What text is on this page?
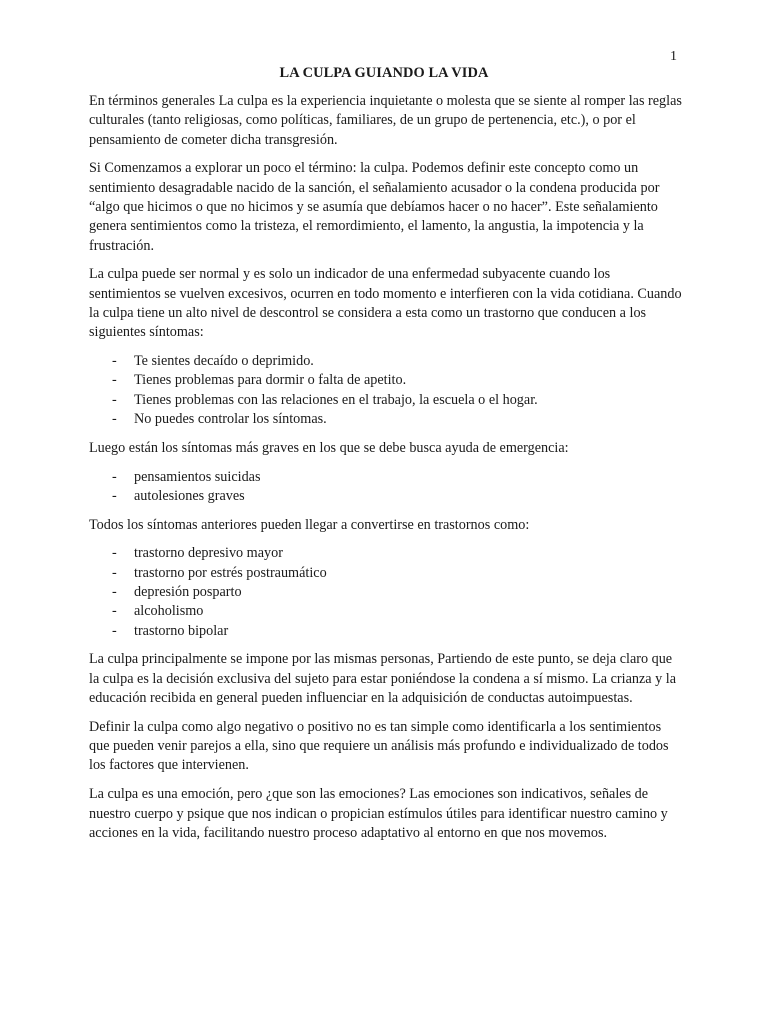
1
LA CULPA GUIANDO LA VIDA

En términos generales La culpa es la experiencia inquietante o molesta que se siente al romper las reglas culturales (tanto religiosas, como políticas, familiares, de un grupo de pertenencia, etc.), o por el pensamiento de cometer dicha transgresión.

Si Comenzamos a explorar un poco el término: la culpa. Podemos definir este concepto como un sentimiento desagradable nacido de la sanción, el señalamiento acusador o la condena producida por “algo que hicimos o que no hicimos y se asumía que debíamos hacer o no hacer”. Este señalamiento genera sentimientos como la tristeza, el remordimiento, el lamento, la angustia, la impotencia y la frustración.

La culpa puede ser normal y es solo un indicador de una enfermedad subyacente cuando los sentimientos se vuelven excesivos, ocurren en todo momento e interfieren con la vida cotidiana. Cuando la culpa tiene un alto nivel de descontrol se considera a esta como un trastorno que conducen a los siguientes síntomas:

- Te sientes decaído o deprimido.
- Tienes problemas para dormir o falta de apetito.
- Tienes problemas con las relaciones en el trabajo, la escuela o el hogar.
- No puedes controlar los síntomas.

Luego están los síntomas más graves en los que se debe busca ayuda de emergencia:

- pensamientos suicidas
- autolesiones graves

Todos los síntomas anteriores pueden llegar a convertirse en trastornos como:

- trastorno depresivo mayor
- trastorno por estrés postraumático
- depresión posparto
- alcoholismo
- trastorno bipolar

La culpa principalmente se impone por las mismas personas, Partiendo de este punto, se deja claro que la culpa es la decisión exclusiva del sujeto para estar poniéndose la condena a sí mismo. La crianza y la educación recibida en general pueden influenciar en la adquisición de conductas autoimpuestas.

Definir la culpa como algo negativo o positivo no es tan simple como identificarla a los sentimientos que pueden venir parejos a ella, sino que requiere un análisis más profundo e individualizado de todos los factores que intervienen.

La culpa es una emoción, pero ¿que son las emociones? Las emociones son indicativos, señales de nuestro cuerpo y psique que nos indican o propician estímulos útiles para identificar nuestro camino y acciones en la vida, facilitando nuestro proceso adaptativo al entorno en que nos movemos.
